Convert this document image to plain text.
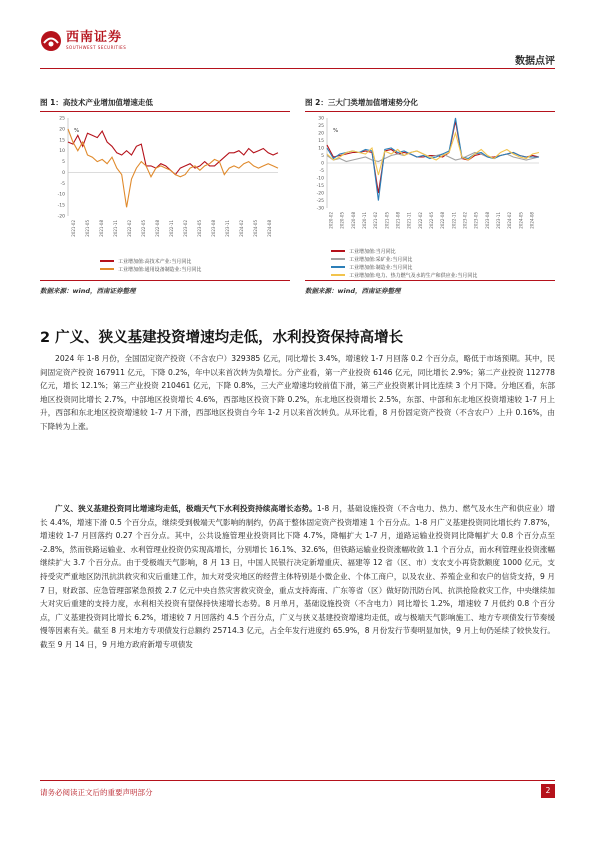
西南证券
SOUTHWEST SECURITIES
数据点评
图 1：高技术产业增加值增速走低
25
20
15
10
5
0
-5
-10
-15
-20
%
2021-02 2021-05 2021-08 2021-11 2022-02 2022-05 2022-08 2022-11 2023-02 2023-05 2023-08 2023-11 2024-02 2024-05 2024-08
工业增加值:高技术产业:当月同比
工业增加值:通用设备制造业:当月同比
数据来源：wind，西南证券整理
图 2：三大门类增加值增速势分化
30
25
20
15
10
5
0
-5
-10
-15
-20
-25
-30
%
2020-02 2020-05 2020-08 2020-11 2021-02 2021-05 2021-08 2021-11 2022-02 2022-05 2022-08 2022-11 2023-02 2023-05 2023-08 2023-11 2024-02 2024-05 2024-08
工业增加值:当月同比
工业增加值:采矿业:当月同比
工业增加值:制造业:当月同比
工业增加值:电力、热力燃气及水的生产和供应业:当月同比
数据来源：wind，西南证券整理
2 广义、狭义基建投资增速均走低，水利投资保持高增长

2024 年 1-8 月份，全国固定资产投资（不含农户）329385 亿元，同比增长 3.4%，增速较 1-7 月回落 0.2 个百分点，略低于市场预期。其中，民间固定资产投资 167911 亿元，下降 0.2%，年中以来首次转为负增长。分产业看，第一产业投资 6146 亿元，同比增长 2.9%；第二产业投资 112778 亿元，增长 12.1%；第三产业投资 210461 亿元，下降 0.8%，三大产业增速均较前值下滑，第三产业投资累计同比连续 3 个月下降。分地区看，东部地区投资同比增长 2.7%，中部地区投资增长 4.6%，西部地区投资下降 0.2%，东北地区投资增长 2.5%，东部、中部和东北地区投资增速较 1-7 月上升，西部和东北地区投资增速较 1-7 月下滑，西部地区投资自今年 1-2 月以来首次转负。从环比看，8 月份固定资产投资（不含农户）上升 0.16%，由下降转为上涨。

广义、狭义基建投资同比增速均走低，极端天气下水利投资持续高增长态势。1-8 月，基础设施投资（不含电力、热力、燃气及水生产和供应业）增长 4.4%，增速下滑 0.5 个百分点，继续受到极端天气影响的制约，仍高于整体固定资产投资增速 1 个百分点。1-8 月广义基建投资同比增长约 7.87%，增速较 1-7 月回落约 0.27 个百分点。其中，公共设施管理业投资同比下降 4.7%，降幅扩大 1-7 月，道路运输业投资同比降幅扩大 0.8 个百分点至 -2.8%，然而铁路运输业、水利管理业投资仍实现高增长，分别增长 16.1%、32.6%，但铁路运输业投资涨幅收敛 1.1 个百分点，而水利管理业投资涨幅继续扩大 3.7 个百分点。由于受极端天气影响，8 月 13 日，中国人民银行决定新增重庆、福建等 12 省（区、市）支农支小再贷款额度 1000 亿元，支持受灾严重地区防汛抗洪救灾和灾后重建工作，加大对受灾地区的经营主体特别是小微企业、个体工商户，以及农业、养殖企业和农户的信贷支持，9 月 7 日，财政部、应急管理部紧急预拨 2.7 亿元中央自然灾害救灾资金，重点支持海南、广东等省（区）做好防汛防台风、抗洪抢险救灾工作，中央继续加大对灾后重建的支持力度，水利相关投资有望保持快速增长态势。8 月单月，基础设施投资（不含电力）同比增长 1.2%，增速较 7 月低约 0.8 个百分点，广义基建投资同比增长 6.2%，增速较 7 月回落约 4.5 个百分点，广义与狭义基建投资增速均走低，或与极端天气影响施工、地方专项债发行节奏缓慢等因素有关。截至 8 月末地方专项债发行总额约 25714.3 亿元，占全年发行进度约 65.9%，8 月份发行节奏明显加快，9 月上旬仍延续了较快发行。截至 9 月 14 日，9 月地方政府新增专项债发

请务必阅读正文后的重要声明部分	2
